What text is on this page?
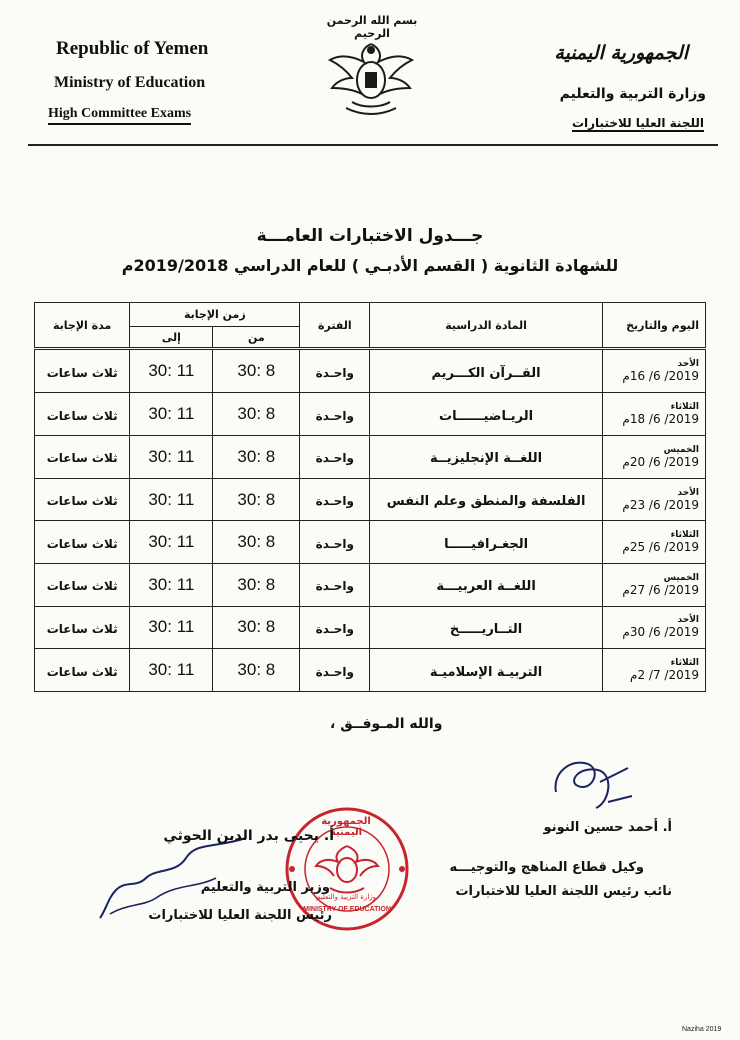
Republic of Yemen
Ministry of Education
High Committee Exams
بسم الله الرحمن الرحيم
الجمهورية اليمنية
وزارة التربية والتعليم
اللجنة العليا للاختبارات
جـــدول الاختبارات العامـــة
للشهادة الثانوية ( القسم الأدبـي ) للعام الدراسي 2019/2018م
اليوم والتاريخ	المادة الدراسية	الفترة	زمن الإجابة		مدة الإجابة
			من	إلى	

الأحد
2019/ 6/ 16م	القــرآن الكـــريم	واحـدة	8 :30	11 :30	ثلاث ساعات

الثلاثاء
2019/ 6/ 18م	الريـاضيــــــات	واحـدة	8 :30	11 :30	ثلاث ساعات

الخميس
2019/ 6/ 20م	اللغــة الإنجليزيــة	واحـدة	8 :30	11 :30	ثلاث ساعات

الأحد
2019/ 6/ 23م	الفلسفة والمنطق وعلم النفس	واحـدة	8 :30	11 :30	ثلاث ساعات

الثلاثاء
2019/ 6/ 25م	الجغـرافيـــــا	واحـدة	8 :30	11 :30	ثلاث ساعات

الخميس
2019/ 6/ 27م	اللغــة العربيـــة	واحـدة	8 :30	11 :30	ثلاث ساعات

الأحد
2019/ 6/ 30م	التــاريـــــخ	واحـدة	8 :30	11 :30	ثلاث ساعات

الثلاثاء
2019/ 7/ 2م	التربيـة الإسلاميـة	واحـدة	8 :30	11 :30	ثلاث ساعات
والله المـوفــق ،
أ. أحمد حسين النونو
وكيل قطاع المناهج والتوجيـــه
نائب رئيس اللجنة العليا للاختبارات
الجمهورية اليمنية
وزارة التربية والتعليم
MINISTRY OF EDUCATION
أ. يحيى بدر الدين الحوثي
وزير التربية والتعليم
رئيس اللجنة العليا للاختبارات
Naziha 2019
